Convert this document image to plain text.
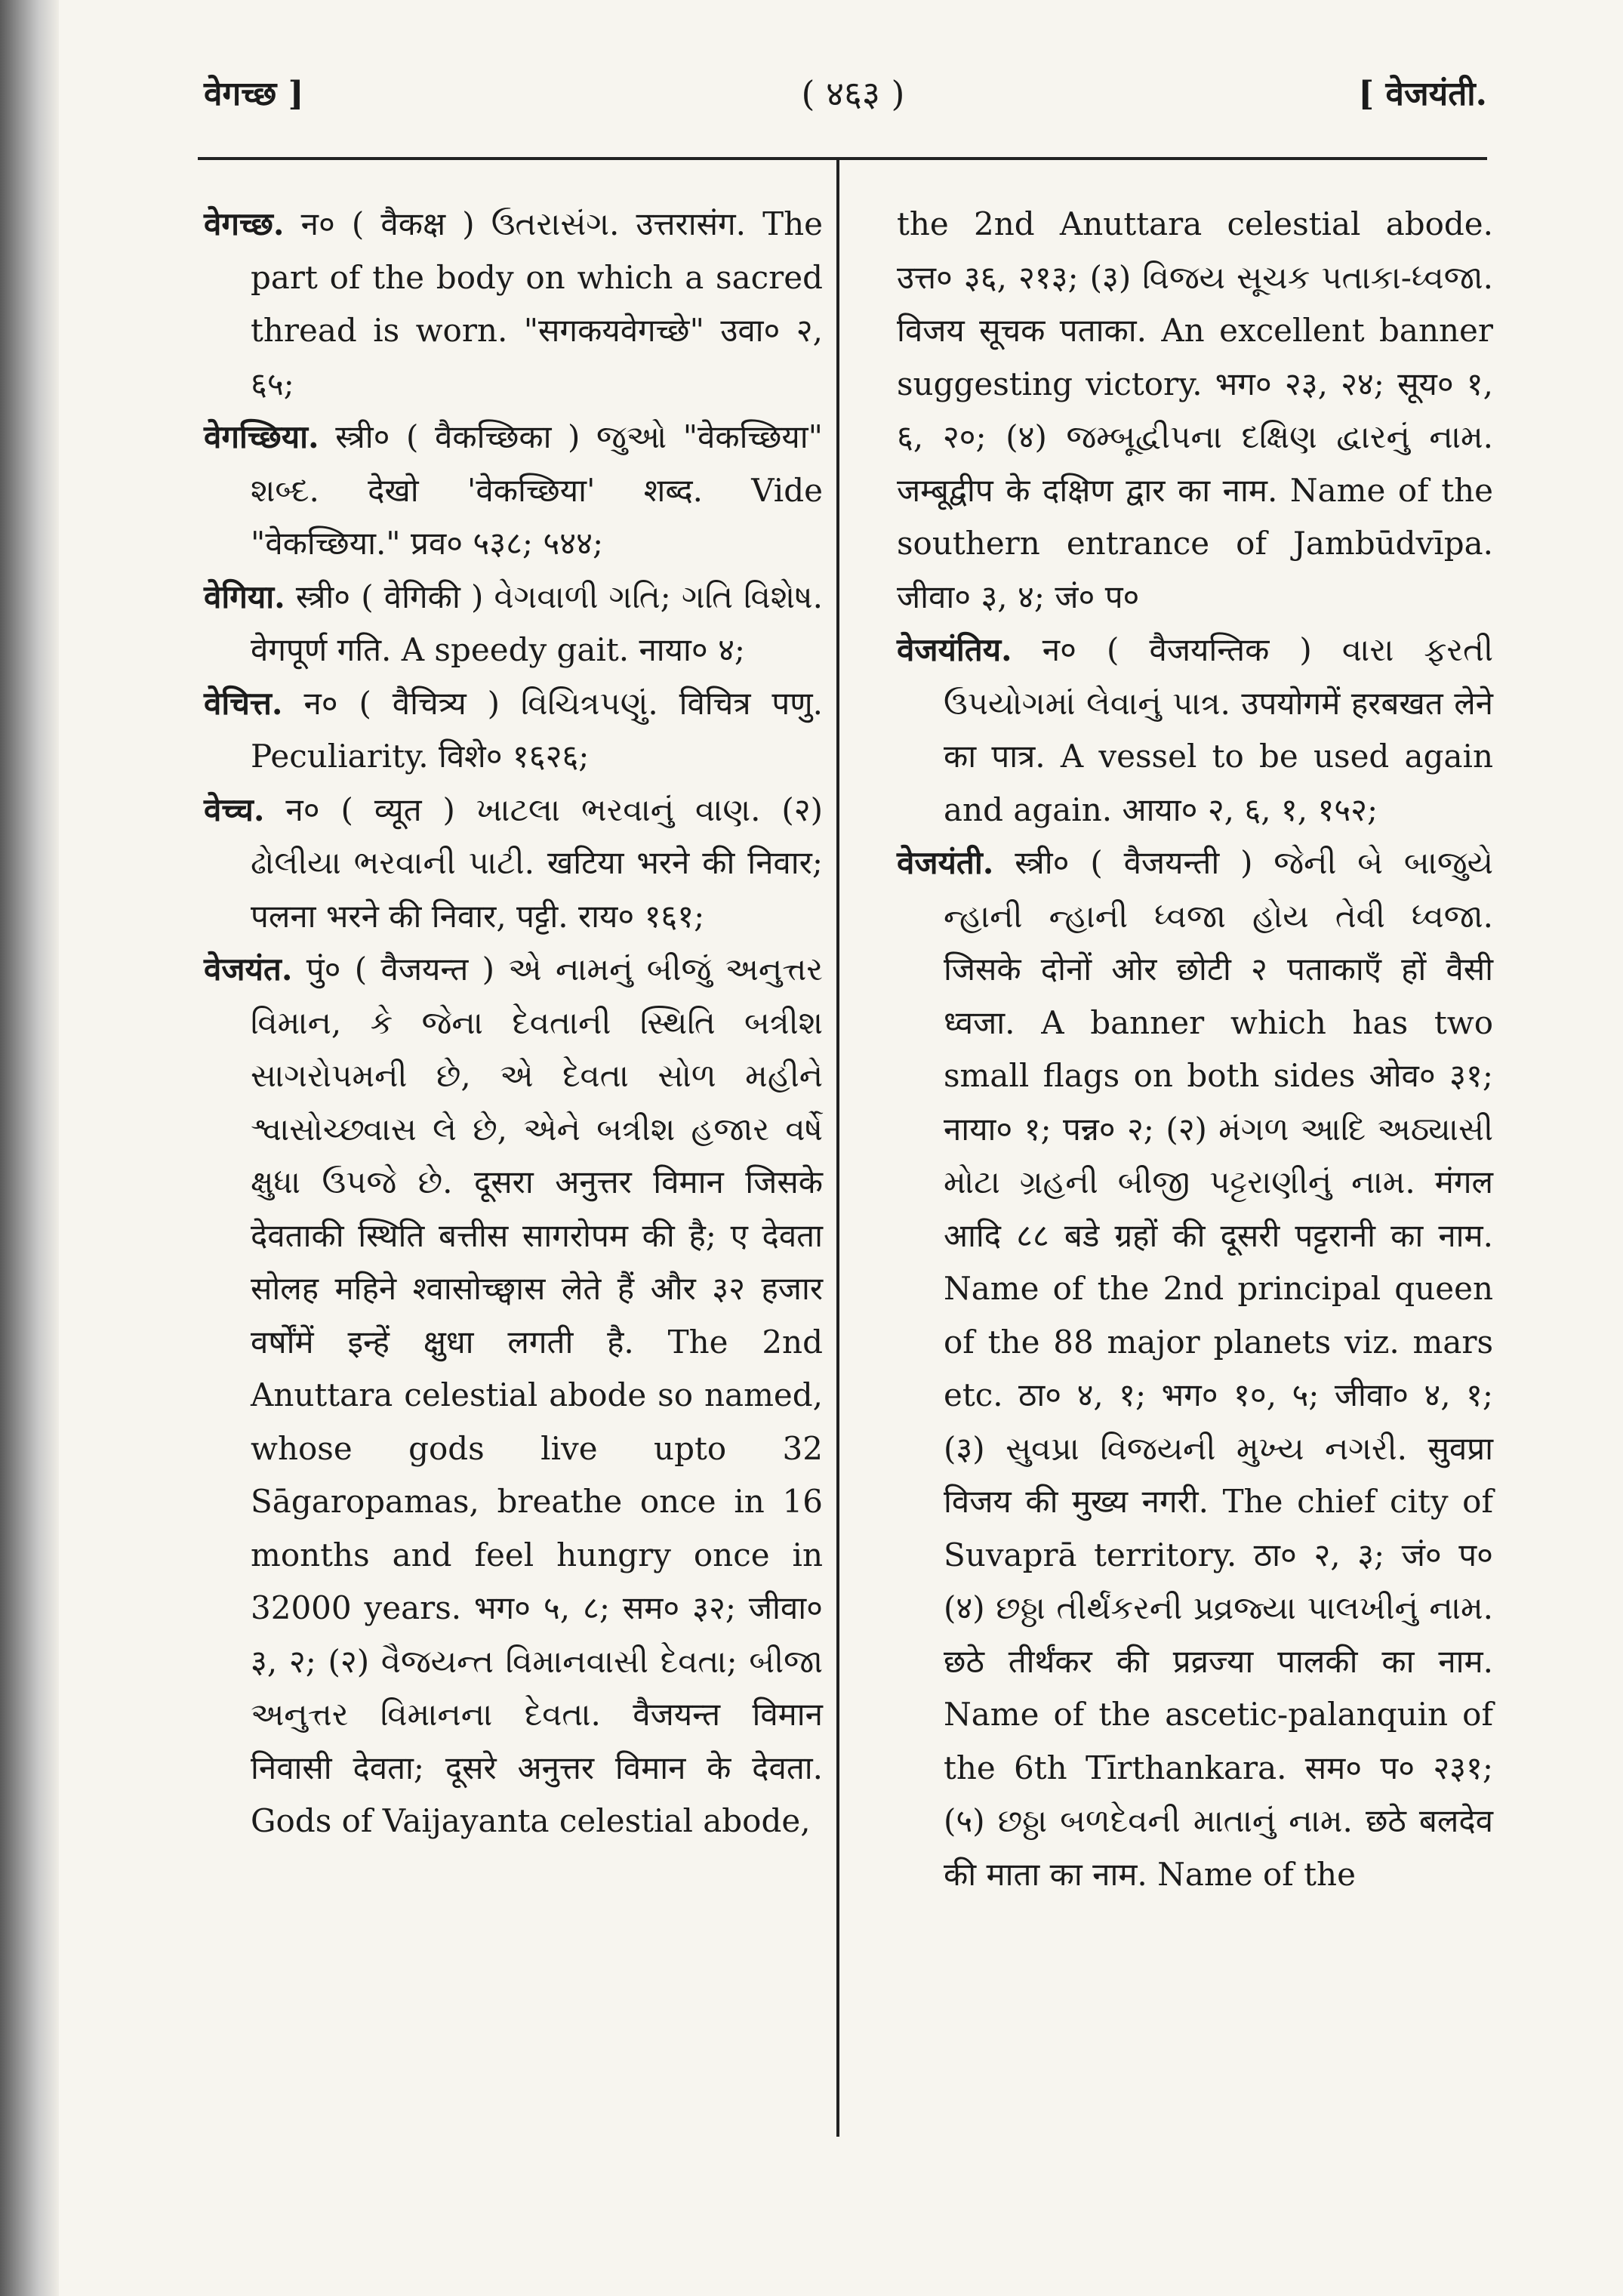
वेगच्छ ]	( ४६३ )	[ वेजयंती.

वेगच्छ. न० ( वैकक्ष ) ઉતરાસંગ. उत्तरासंग. The part of the body on which a sacred thread is worn. "सगकयवेगच्छे" उवा० २, ६५;

वेगच्छिया. स्त्री० ( वैकच्छिका ) જુઓ "वेकच्छिया" શબ્દ. देखो 'वेकच्छिया' शब्द. Vide "वेकच्छिया." प्रव० ५३८; ५४४;

वेगिया. स्त्री० ( वेगिकी ) વેગવાળી ગતિ; ગતિ વિશેષ. वेगपूर्ण गति. A speedy gait. नाया० ४;

वेचित्त. न० ( वैचित्र्य ) વિચિત્રપણું. विचित्र पणु. Peculiarity. विशे० १६२६;

वेच्च. न० ( व्यूत ) ખાટલા ભરવાનું વાણ. (२) ઢોલીયા ભરવાની પાટી. खटिया भरने की निवार; पलना भरने की निवार, पट्टी. राय० १६१;

वेजयंत. पुं० ( वैजयन्त ) એ નામનું બીજું અનુત્તર વિમાન, કે જેના દેવતાની સ્થિતિ બત્રીશ સાગરોપમની છે, એ દેવતા સોળ મહીને શ્વાસોચ્છ્વાસ લે છે, એને બત્રીશ હજાર વર્ષે ક્ષુધા ઉપજે છે. दूसरा अनुत्तर विमान जिसके देवताकी स्थिति बत्तीस सागरोपम की है; ए देवता सोलह महिने श्वासोच्छ्वास लेते हैं और ३२ हजार वर्षोंमें इन्हें क्षुधा लगती है. The 2nd Anuttara celestial abode so named, whose gods live upto 32 Sāgaropamas, breathe once in 16 months and feel hungry once in 32000 years. भग० ५, ८; सम० ३२; जीवा० ३, २; (२) વૈજયન્ત વિમાનવાસી દેવતા; બીજા અનુત્તર વિમાનના દેવતા. वैजयन्त विमान निवासी देवता; दूसरे अनुत्तर विमान के देवता. Gods of Vaijayanta celestial abode,

the 2nd Anuttara celestial abode. उत्त० ३६, २१३; (३) વિજય સૂચક પતાકા-ધ્વજા. विजय सूचक पताका. An excellent banner suggesting victory. भग० २३, २४; सूय० १, ६, २०; (४) જમ્બૂદ્વીપના દક્ષિણ દ્વારનું નામ. जम्बूद्वीप के दक्षिण द्वार का नाम. Name of the southern entrance of Jambūdvīpa. जीवा० ३, ४; जं० प०

वेजयंतिय. न० ( वैजयन्तिक ) વારા ફરતી ઉપયોગમાં લેવાનું પાત્ર. उपयोगमें हरबखत लेने का पात्र. A vessel to be used again and again. आया० २, ६, १, १५२;

वेजयंती. स्त्री० ( वैजयन्ती ) જેની બે બાજુયે ન્હાની ન્હાની ધ્વજા હોય તેવી ધ્વજા. जिसके दोनों ओर छोटी २ पताकाएँ हों वैसी ध्वजा. A banner which has two small flags on both sides ओव० ३१; नाया० १; पन्न० २; (२) મંગળ આદિ અઠ્યાસી મોટા ગ્રહની બીજી પટ્ટરાણીનું નામ. मंगल आदि ८८ बडे ग्रहों की दूसरी पट्टरानी का नाम. Name of the 2nd principal queen of the 88 major planets viz. mars etc. ठा० ४, १; भग० १०, ५; जीवा० ४, १; (३) સુવપ્રા વિજયની મુખ્ય નગરી. सुवप्रा विजय की मुख्य नगरी. The chief city of Suvaprā territory. ठा० २, ३; जं० प० (४) છઠ્ઠા તીર્થંકરની પ્રવ્રજ્યા પાલખીનું નામ. छठे तीर्थंकर की प्रव्रज्या पालकी का नाम. Name of the ascetic-palanquin of the 6th Tīrthankara. सम० प० २३१; (५) છઠ્ઠા બળદેવની માતાનું નામ. छठे बलदेव की माता का नाम. Name of the
